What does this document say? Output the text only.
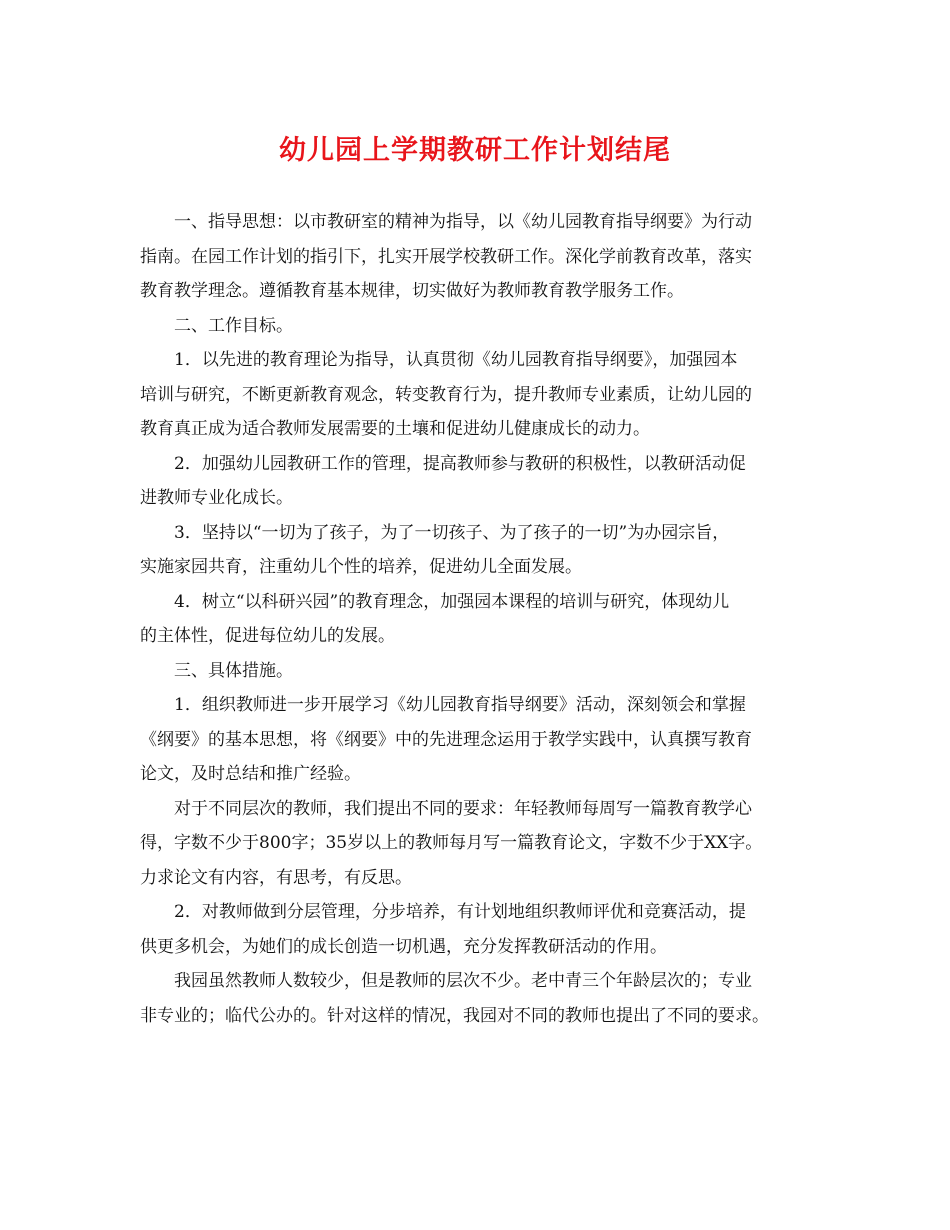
幼儿园上学期教研工作计划结尾
一、指导思想：以市教研室的精神为指导，以《幼儿园教育指导纲要》为行动
指南。在园工作计划的指引下，扎实开展学校教研工作。深化学前教育改革，落实
教育教学理念。遵循教育基本规律，切实做好为教师教育教学服务工作。
二、工作目标。
1．以先进的教育理论为指导，认真贯彻《幼儿园教育指导纲要》，加强园本
培训与研究，不断更新教育观念，转变教育行为，提升教师专业素质，让幼儿园的
教育真正成为适合教师发展需要的土壤和促进幼儿健康成长的动力。
2．加强幼儿园教研工作的管理，提高教师参与教研的积极性，以教研活动促
进教师专业化成长。
3．坚持以“一切为了孩子，为了一切孩子、为了孩子的一切”为办园宗旨，
实施家园共育，注重幼儿个性的培养，促进幼儿全面发展。
4．树立“以科研兴园”的教育理念，加强园本课程的培训与研究，体现幼儿
的主体性，促进每位幼儿的发展。
三、具体措施。
1．组织教师进一步开展学习《幼儿园教育指导纲要》活动，深刻领会和掌握
《纲要》的基本思想，将《纲要》中的先进理念运用于教学实践中，认真撰写教育
论文，及时总结和推广经验。
对于不同层次的教师，我们提出不同的要求：年轻教师每周写一篇教育教学心
得，字数不少于800字；35岁以上的教师每月写一篇教育论文，字数不少于XX字。
力求论文有内容，有思考，有反思。
2．对教师做到分层管理，分步培养，有计划地组织教师评优和竞赛活动，提
供更多机会，为她们的成长创造一切机遇，充分发挥教研活动的作用。
我园虽然教师人数较少，但是教师的层次不少。老中青三个年龄层次的；专业
非专业的；临代公办的。针对这样的情况，我园对不同的教师也提出了不同的要求。
